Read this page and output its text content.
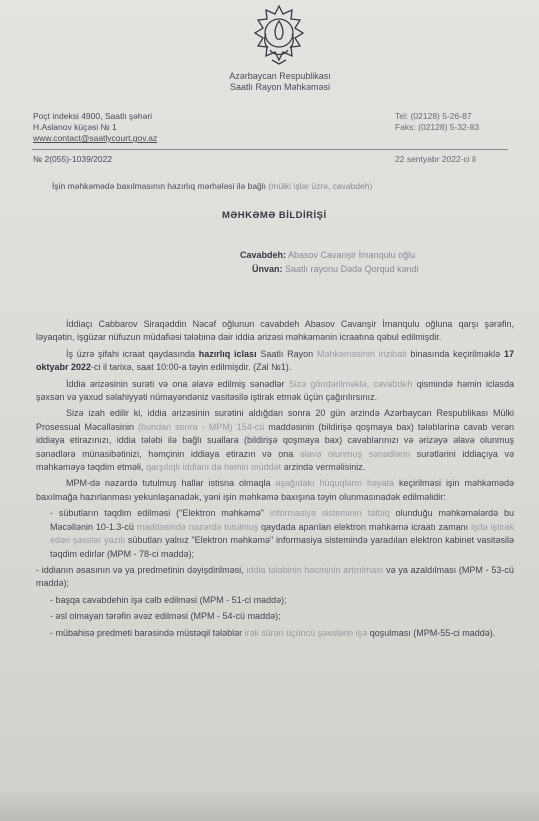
Azərbaycan Respublikası
Saatlı Rayon Məhkəməsi
Poçt indeksi 4900, Saatlı şəhəri
H.Aslanov küçəsi № 1
www.contact@saatlycourt.gov.az
Tel: (02128) 5-26-87
Faks: (02128) 5-32-83
№ 2(055)-1039/2022	22 sentyabr 2022-ci il
İşin məhkəmədə baxılmasının hazırlıq mərhələsi ilə bağlı (mülki işlər üzrə, cavabdeh)
MƏHKƏMƏ BİLDİRİŞİ
Cavabdeh: Abasov Cavanşir İmanqulu oğlu
Ünvan: Saatlı rayonu Dədə Qorqud kəndi

İddiaçı Cabbarov Siraqəddin Nəcəf oğlunun cavabdeh Abasov Cavanşir İmanqulu oğluna qarşı şərəfin, ləyaqətin, işgüzar nüfuzun müdafiəsi tələbinə dair iddia ərizəsi məhkəmənin icraatına qəbul edilmişdir.

İş üzrə şifahi icraat qaydasında hazırlıq iclası Saatlı Rayon Məhkəməsinin inzibati binasında keçirilməklə 17 oktyabr 2022-ci il tarixə, saat 10:00-a təyin edilmişdir. (Zal №1).

İddia ərizəsinin surəti və ona əlavə edilmiş sənədlər Sizə göndərilməklə, cavabdeh qismində həmin iclasda şəxsən və yaxud səlahiyyəti nümayəndəniz vasitəsilə iştirak etmək üçün çağırılırsınız.

Sizə izah edilir ki, iddia ərizəsinin surətini aldığdan sonra 20 gün ərzində Azərbaycan Respublikası Mülki Prosessual Məcəlləsinin (bundan sonra - MPM) 154-cü maddəsinin (bildirişə qoşmaya bax) tələblərinə cavab verən iddiaya etirazınızı, iddia tələbi ilə bağlı suallara (bildirişə qoşmaya bax) cavablarınızı və ərizəyə əlavə olunmuş sənədlərə münasibətinizi, həmçinin iddiaya etirazın və ona əlavə olunmuş sənədlərin surətlərini iddiaçıya və məhkəməyə təqdim etməli, qarşılıqlı iddianı da həmin müddət ərzində verməlisiniz.

MPM-də nəzərdə tutulmuş hallar istisna olmaqla aşağıdakı hüquqların həyata keçirilməsi işin məhkəmədə baxılmağa hazırlanması yekunlaşanadək, yəni işin məhkəmə baxışına təyin olunmasınadək edilməlidir:

- sübutların təqdim edilməsi ("Elektron məhkəmə" informasiya sisteminin tətbiq olunduğu məhkəmələrdə bu Məcəllənin 10-1.3-cü maddəsində nəzərdə tutulmuş qaydada aparılan elektron məhkəmə icraatı zamanı işdə iştirak edən şəxslər yazılı sübutları yalnız "Elektron məhkəmə" informasiya sistemində yaradılan elektron kabinet vasitəsilə təqdim edirlər (MPM - 78-ci maddə);

- iddianın əsasının və ya predmetinin dəyişdirilməsi, iddia tələbinin həcminin artırılması və ya azaldılması (MPM - 53-cü maddə);

- başqa cavabdehin işə cəlb edilməsi (MPM - 51-ci maddə);

- əsl olmayan tərəfin əvəz edilməsi (MPM - 54-cü maddə);

- mübahisə predmeti barəsində müstəqil tələblər irəli sürən üçüncü şəxslərin işə qoşulması (MPM-55-ci maddə).
